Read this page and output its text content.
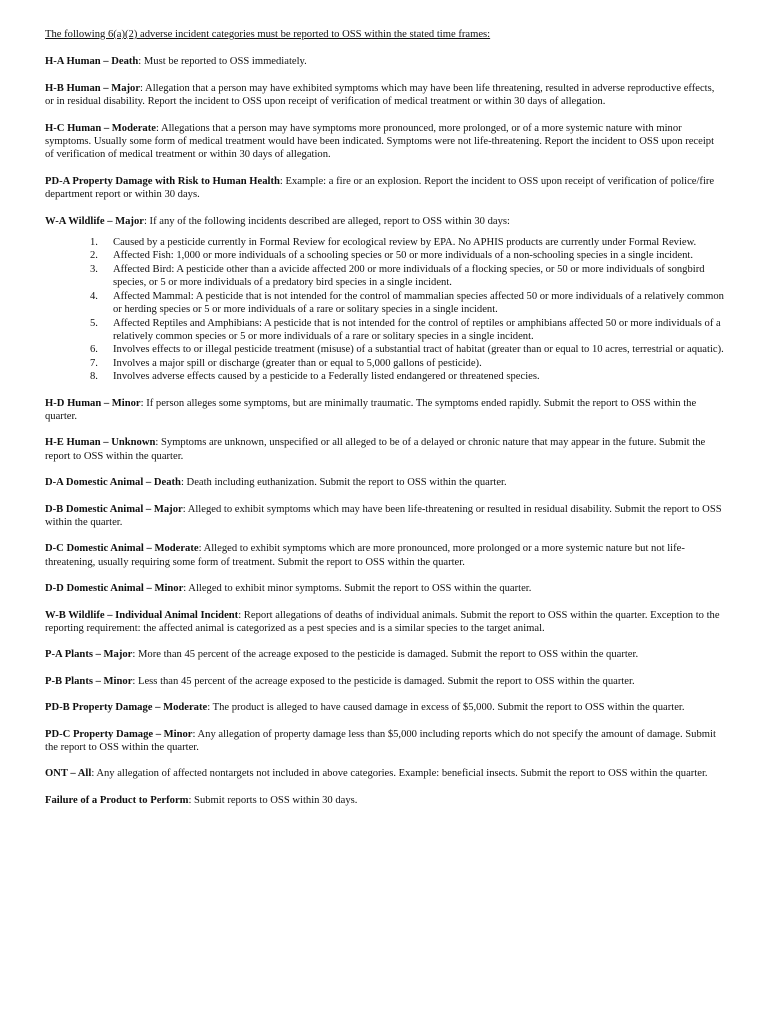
The following 6(a)(2) adverse incident categories must be reported to OSS within the stated time frames:

H-A Human – Death: Must be reported to OSS immediately.

H-B Human – Major: Allegation that a person may have exhibited symptoms which may have been life threatening, resulted in adverse reproductive effects, or in residual disability. Report the incident to OSS upon receipt of verification of medical treatment or within 30 days of allegation.

H-C Human – Moderate: Allegations that a person may have symptoms more pronounced, more prolonged, or of a more systemic nature with minor symptoms. Usually some form of medical treatment would have been indicated. Symptoms were not life-threatening. Report the incident to OSS upon receipt of verification of medical treatment or within 30 days of allegation.

PD-A Property Damage with Risk to Human Health: Example: a fire or an explosion. Report the incident to OSS upon receipt of verification of police/fire department report or within 30 days.

W-A Wildlife – Major: If any of the following incidents described are alleged, report to OSS within 30 days:

1. Caused by a pesticide currently in Formal Review for ecological review by EPA. No APHIS products are currently under Formal Review.
2. Affected Fish: 1,000 or more individuals of a schooling species or 50 or more individuals of a non-schooling species in a single incident.
3. Affected Bird: A pesticide other than a avicide affected 200 or more individuals of a flocking species, or 50 or more individuals of songbird species, or 5 or more individuals of a predatory bird species in a single incident.
4. Affected Mammal: A pesticide that is not intended for the control of mammalian species affected 50 or more individuals of a relatively common or herding species or 5 or more individuals of a rare or solitary species in a single incident.
5. Affected Reptiles and Amphibians: A pesticide that is not intended for the control of reptiles or amphibians affected 50 or more individuals of a relatively common species or 5 or more individuals of a rare or solitary species in a single incident.
6. Involves effects to or illegal pesticide treatment (misuse) of a substantial tract of habitat (greater than or equal to 10 acres, terrestrial or aquatic).
7. Involves a major spill or discharge (greater than or equal to 5,000 gallons of pesticide).
8. Involves adverse effects caused by a pesticide to a Federally listed endangered or threatened species.

H-D Human – Minor: If person alleges some symptoms, but are minimally traumatic. The symptoms ended rapidly. Submit the report to OSS within the quarter.

H-E Human – Unknown: Symptoms are unknown, unspecified or all alleged to be of a delayed or chronic nature that may appear in the future. Submit the report to OSS within the quarter.

D-A Domestic Animal – Death: Death including euthanization. Submit the report to OSS within the quarter.

D-B Domestic Animal – Major: Alleged to exhibit symptoms which may have been life-threatening or resulted in residual disability. Submit the report to OSS within the quarter.

D-C Domestic Animal – Moderate: Alleged to exhibit symptoms which are more pronounced, more prolonged or a more systemic nature but not life-threatening, usually requiring some form of treatment. Submit the report to OSS within the quarter.

D-D Domestic Animal – Minor: Alleged to exhibit minor symptoms. Submit the report to OSS within the quarter.

W-B Wildlife – Individual Animal Incident: Report allegations of deaths of individual animals. Submit the report to OSS within the quarter. Exception to the reporting requirement: the affected animal is categorized as a pest species and is a similar species to the target animal.

P-A Plants – Major: More than 45 percent of the acreage exposed to the pesticide is damaged. Submit the report to OSS within the quarter.

P-B Plants – Minor: Less than 45 percent of the acreage exposed to the pesticide is damaged. Submit the report to OSS within the quarter.

PD-B Property Damage – Moderate: The product is alleged to have caused damage in excess of $5,000. Submit the report to OSS within the quarter.

PD-C Property Damage – Minor: Any allegation of property damage less than $5,000 including reports which do not specify the amount of damage. Submit the report to OSS within the quarter.

ONT – All: Any allegation of affected nontargets not included in above categories. Example: beneficial insects. Submit the report to OSS within the quarter.

Failure of a Product to Perform: Submit reports to OSS within 30 days.
